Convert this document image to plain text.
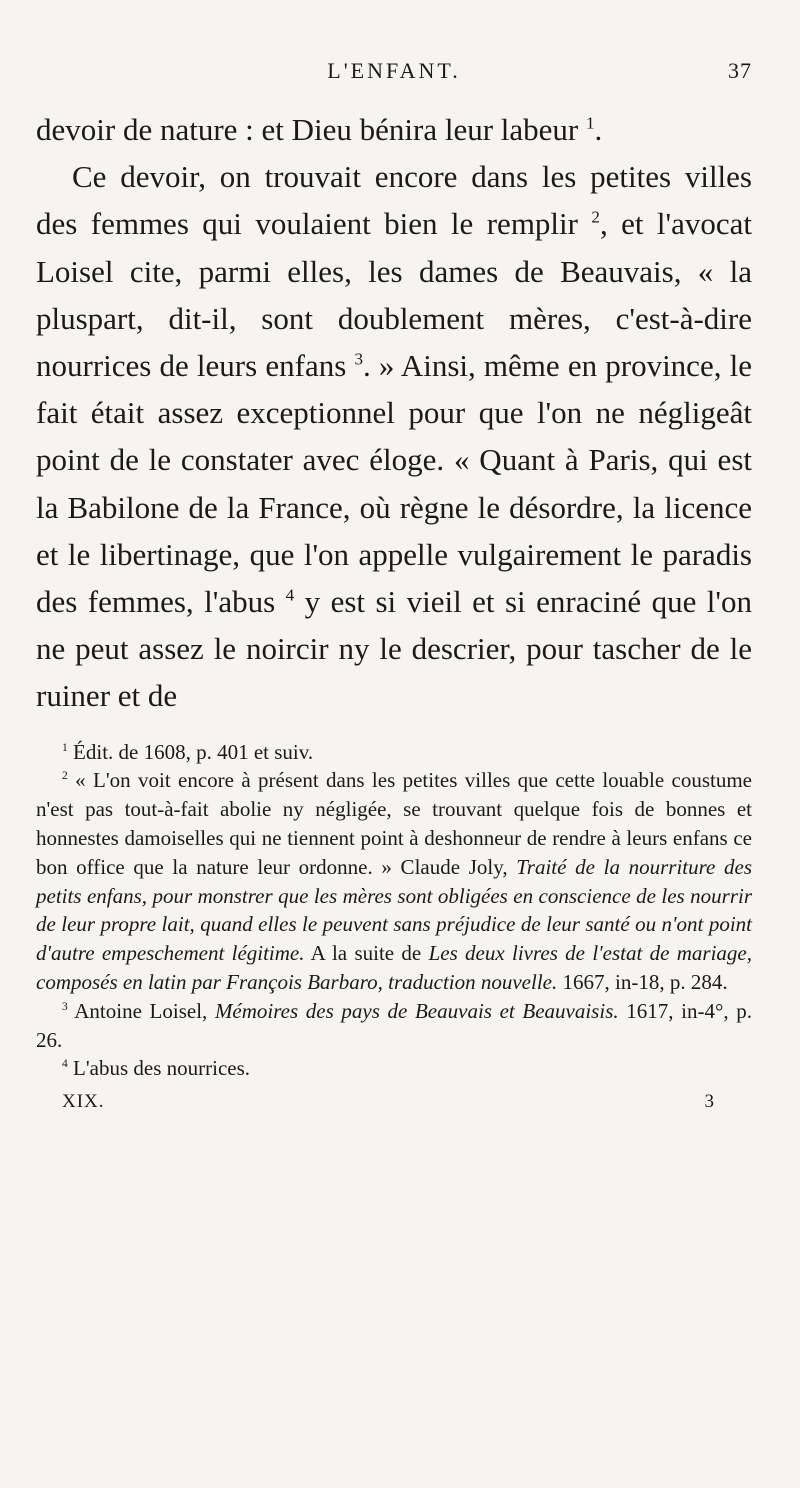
L'ENFANT.	37

devoir de nature : et Dieu bénira leur labeur $^1$.

Ce devoir, on trouvait encore dans les petites villes des femmes qui voulaient bien le remplir $^2$, et l'avocat Loisel cite, parmi elles, les dames de Beauvais, « la pluspart, dit-il, sont doublement mères, c'est-à-dire nourrices de leurs enfans $^3$. » Ainsi, même en province, le fait était assez exceptionnel pour que l'on ne négligeât point de le constater avec éloge. « Quant à Paris, qui est la Babilone de la France, où règne le désordre, la licence et le libertinage, que l'on appelle vulgairement le paradis des femmes, l'abus $^4$ y est si vieil et si enraciné que l'on ne peut assez le noircir ny le descrier, pour tascher de le ruiner et de

$^1$ Édit. de 1608, p. 401 et suiv.

$^2$ « L'on voit encore à présent dans les petites villes que cette louable coustume n'est pas tout-à-fait abolie ny négligée, se trouvant quelque fois de bonnes et honnestes damoiselles qui ne tiennent point à deshonneur de rendre à leurs enfans ce bon office que la nature leur ordonne. » Claude Joly, Traité de la nourriture des petits enfans, pour monstrer que les mères sont obligées en conscience de les nourrir de leur propre lait, quand elles le peuvent sans préjudice de leur santé ou n'ont point d'autre empeschement légitime. A la suite de Les deux livres de l'estat de mariage, composés en latin par François Barbaro, traduction nouvelle. 1667, in-18, p. 284.

$^3$ Antoine Loisel, Mémoires des pays de Beauvais et Beauvaisis. 1617, in-4°, p. 26.

$^4$ L'abus des nourrices.

XIX.	3
